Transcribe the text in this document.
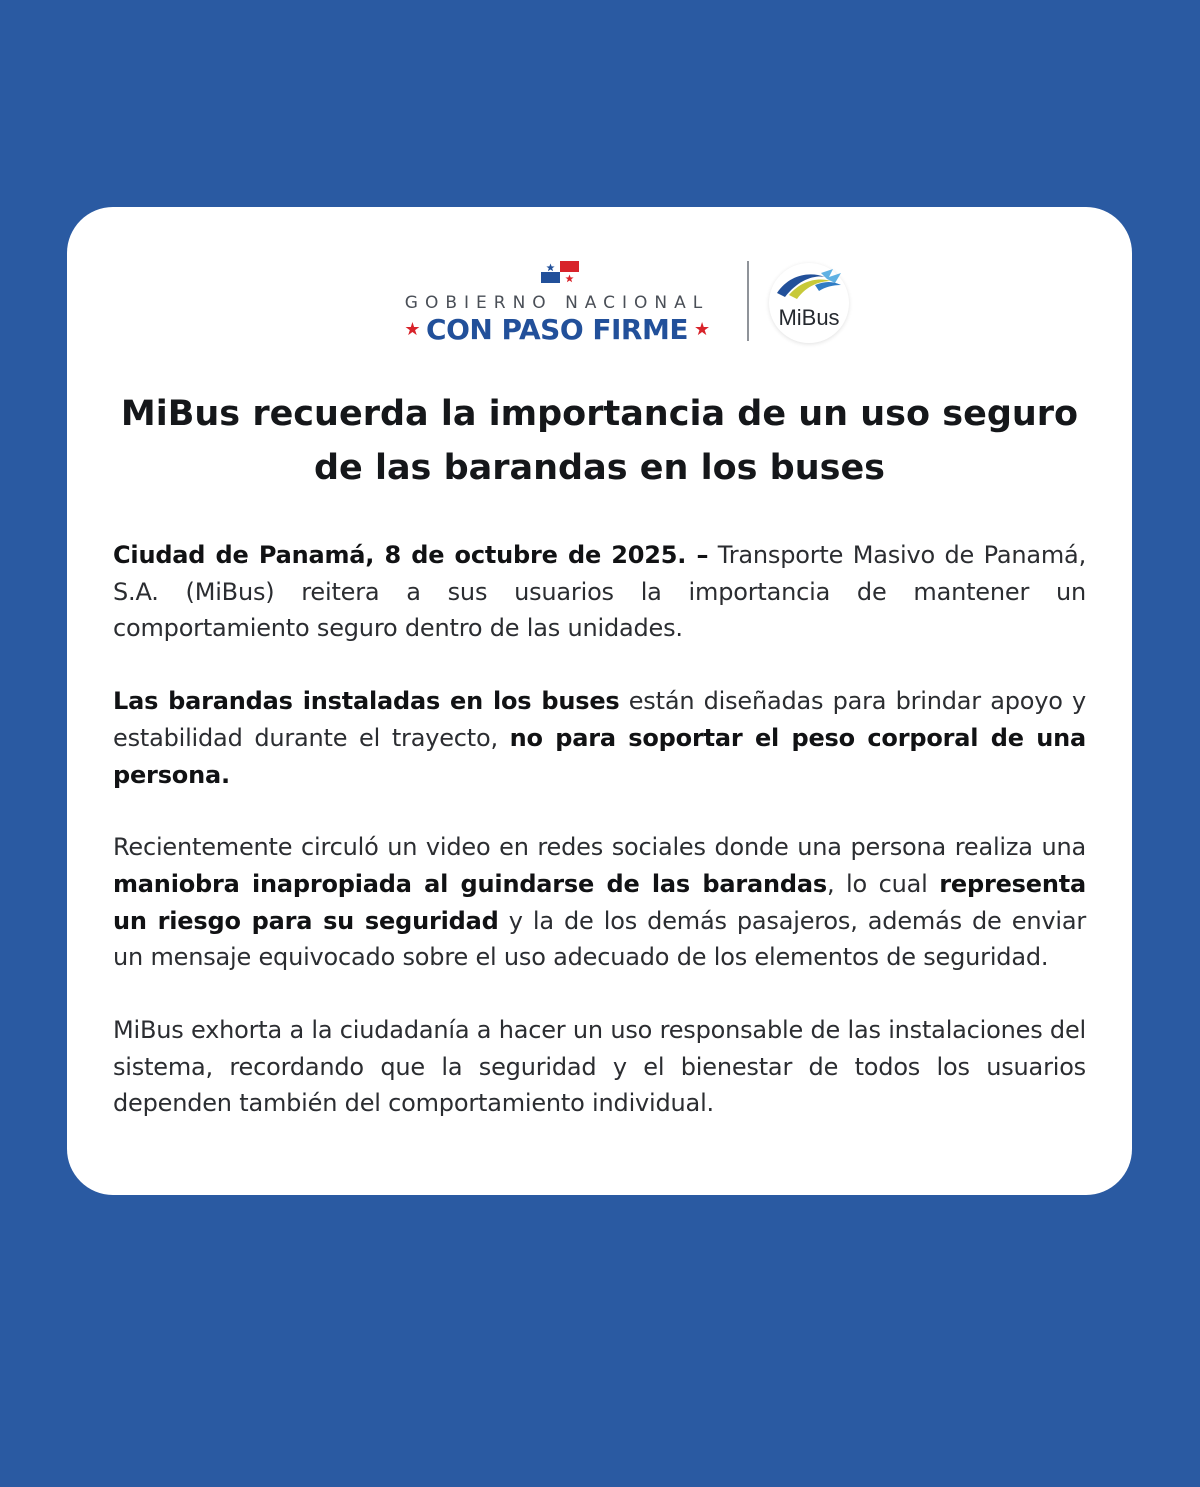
GOBIERNO NACIONAL
★ CON PASO FIRME ★	MiBus
MiBus recuerda la importancia de un uso seguro de las barandas en los buses

Ciudad de Panamá, 8 de octubre de 2025. – Transporte Masivo de Panamá, S.A. (MiBus) reitera a sus usuarios la importancia de mantener un comportamiento seguro dentro de las unidades.

Las barandas instaladas en los buses están diseñadas para brindar apoyo y estabilidad durante el trayecto, no para soportar el peso corporal de una persona.

Recientemente circuló un video en redes sociales donde una persona realiza una maniobra inapropiada al guindarse de las barandas, lo cual representa un riesgo para su seguridad y la de los demás pasajeros, además de enviar un mensaje equivocado sobre el uso adecuado de los elementos de seguridad.

MiBus exhorta a la ciudadanía a hacer un uso responsable de las instalaciones del sistema, recordando que la seguridad y el bienestar de todos los usuarios dependen también del comportamiento individual.
